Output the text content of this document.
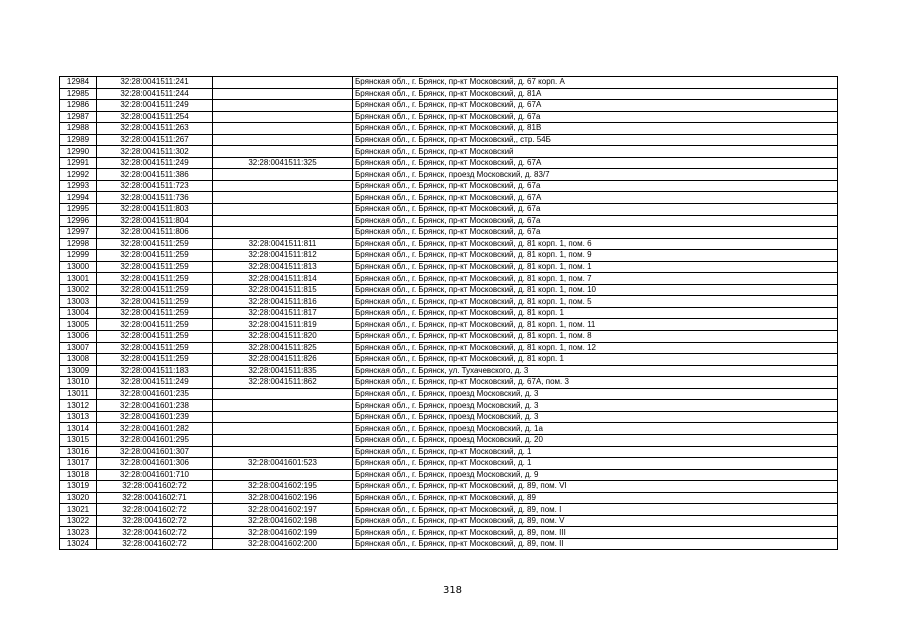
12984	32:28:0041511:241		Брянская обл., г. Брянск, пр-кт Московский, д. 67 корп. А
12985	32:28:0041511:244		Брянская обл., г. Брянск, пр-кт Московский, д. 81А
12986	32:28:0041511:249		Брянская обл., г. Брянск, пр-кт Московский, д. 67А
12987	32:28:0041511:254		Брянская обл., г. Брянск, пр-кт Московский, д. 67а
12988	32:28:0041511:263		Брянская обл., г. Брянск, пр-кт Московский, д. 81В
12989	32:28:0041511:267		Брянская обл., г. Брянск, пр-кт Московский,, стр. 54Б
12990	32:28:0041511:302		Брянская обл., г. Брянск, пр-кт Московский
12991	32:28:0041511:249	32:28:0041511:325	Брянская обл., г. Брянск, пр-кт Московский, д. 67А
12992	32:28:0041511:386		Брянская обл., г. Брянск, проезд Московский, д. 83/7
12993	32:28:0041511:723		Брянская обл., г. Брянск, пр-кт Московский, д. 67а
12994	32:28:0041511:736		Брянская обл., г. Брянск, пр-кт Московский, д. 67А
12995	32:28:0041511:803		Брянская обл., г. Брянск, пр-кт Московский, д. 67а
12996	32:28:0041511:804		Брянская обл., г. Брянск, пр-кт Московский, д. 67а
12997	32:28:0041511:806		Брянская обл., г. Брянск, пр-кт Московский, д. 67а
12998	32:28:0041511:259	32:28:0041511:811	Брянская обл., г. Брянск, пр-кт Московский, д. 81 корп. 1, пом. 6
12999	32:28:0041511:259	32:28:0041511:812	Брянская обл., г. Брянск, пр-кт Московский, д. 81 корп. 1, пом. 9
13000	32:28:0041511:259	32:28:0041511:813	Брянская обл., г. Брянск, пр-кт Московский, д. 81 корп. 1, пом. 1
13001	32:28:0041511:259	32:28:0041511:814	Брянская обл., г. Брянск, пр-кт Московский, д. 81 корп. 1, пом. 7
13002	32:28:0041511:259	32:28:0041511:815	Брянская обл., г. Брянск, пр-кт Московский, д. 81 корп. 1, пом. 10
13003	32:28:0041511:259	32:28:0041511:816	Брянская обл., г. Брянск, пр-кт Московский, д. 81 корп. 1, пом. 5
13004	32:28:0041511:259	32:28:0041511:817	Брянская обл., г. Брянск, пр-кт Московский, д. 81 корп. 1
13005	32:28:0041511:259	32:28:0041511:819	Брянская обл., г. Брянск, пр-кт Московский, д. 81 корп. 1, пом. 11
13006	32:28:0041511:259	32:28:0041511:820	Брянская обл., г. Брянск, пр-кт Московский, д. 81 корп. 1, пом. 8
13007	32:28:0041511:259	32:28:0041511:825	Брянская обл., г. Брянск, пр-кт Московский, д. 81 корп. 1, пом. 12
13008	32:28:0041511:259	32:28:0041511:826	Брянская обл., г. Брянск, пр-кт Московский, д. 81 корп. 1
13009	32:28:0041511:183	32:28:0041511:835	Брянская обл., г. Брянск, ул. Тухачевского, д. 3
13010	32:28:0041511:249	32:28:0041511:862	Брянская обл., г. Брянск, пр-кт Московский, д. 67А, пом. 3
13011	32:28:0041601:235		Брянская обл., г. Брянск, проезд Московский, д. 3
13012	32:28:0041601:238		Брянская обл., г. Брянск, проезд Московский, д. 3
13013	32:28:0041601:239		Брянская обл., г. Брянск, проезд Московский, д. 3
13014	32:28:0041601:282		Брянская обл., г. Брянск, проезд Московский, д. 1а
13015	32:28:0041601:295		Брянская обл., г. Брянск, проезд Московский, д. 20
13016	32:28:0041601:307		Брянская обл., г. Брянск, пр-кт Московский, д. 1
13017	32:28:0041601:306	32:28:0041601:523	Брянская обл., г. Брянск, пр-кт Московский, д. 1
13018	32:28:0041601:710		Брянская обл., г. Брянск, проезд Московский, д. 9
13019	32:28:0041602:72	32:28:0041602:195	Брянская обл., г. Брянск, пр-кт Московский, д. 89, пом. VI
13020	32:28:0041602:71	32:28:0041602:196	Брянская обл., г. Брянск, пр-кт Московский, д. 89
13021	32:28:0041602:72	32:28:0041602:197	Брянская обл., г. Брянск, пр-кт Московский, д. 89, пом. I
13022	32:28:0041602:72	32:28:0041602:198	Брянская обл., г. Брянск, пр-кт Московский, д. 89, пом. V
13023	32:28:0041602:72	32:28:0041602:199	Брянская обл., г. Брянск, пр-кт Московский, д. 89, пом. III
13024	32:28:0041602:72	32:28:0041602:200	Брянская обл., г. Брянск, пр-кт Московский, д. 89, пом. II
318
